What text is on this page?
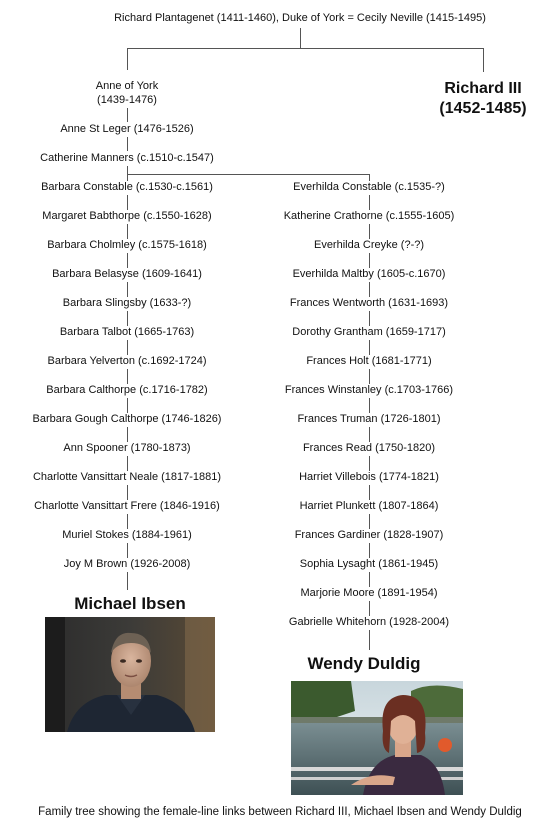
Richard Plantagenet (1411-1460), Duke of York = Cecily Neville (1415-1495)
Richard III
(1452-1485)
Anne of York
(1439-1476)
Anne St Leger (1476-1526)
Catherine Manners (c.1510-c.1547)
Barbara Constable (c.1530-c.1561)
Margaret Babthorpe (c.1550-1628)
Barbara Cholmley (c.1575-1618)
Barbara Belasyse (1609-1641)
Barbara Slingsby (1633-?)
Barbara Talbot (1665-1763)
Barbara Yelverton (c.1692-1724)
Barbara Calthorpe (c.1716-1782)
Barbara Gough Calthorpe (1746-1826)
Ann Spooner (1780-1873)
Charlotte Vansittart Neale (1817-1881)
Charlotte Vansittart Frere (1846-1916)
Muriel Stokes (1884-1961)
Joy M Brown (1926-2008)
Everhilda Constable (c.1535-?)
Katherine Crathorne (c.1555-1605)
Everhilda Creyke (?-?)
Everhilda Maltby (1605-c.1670)
Frances Wentworth (1631-1693)
Dorothy Grantham (1659-1717)
Frances Holt (1681-1771)
Frances Winstanley (c.1703-1766)
Frances Truman (1726-1801)
Frances Read (1750-1820)
Harriet Villebois (1774-1821)
Harriet Plunkett (1807-1864)
Frances Gardiner (1828-1907)
Sophia Lysaght (1861-1945)
Marjorie Moore (1891-1954)
Gabrielle Whitehorn (1928-2004)
Michael Ibsen
Wendy Duldig
Family tree showing the female-line links between Richard III, Michael Ibsen and Wendy Duldig
